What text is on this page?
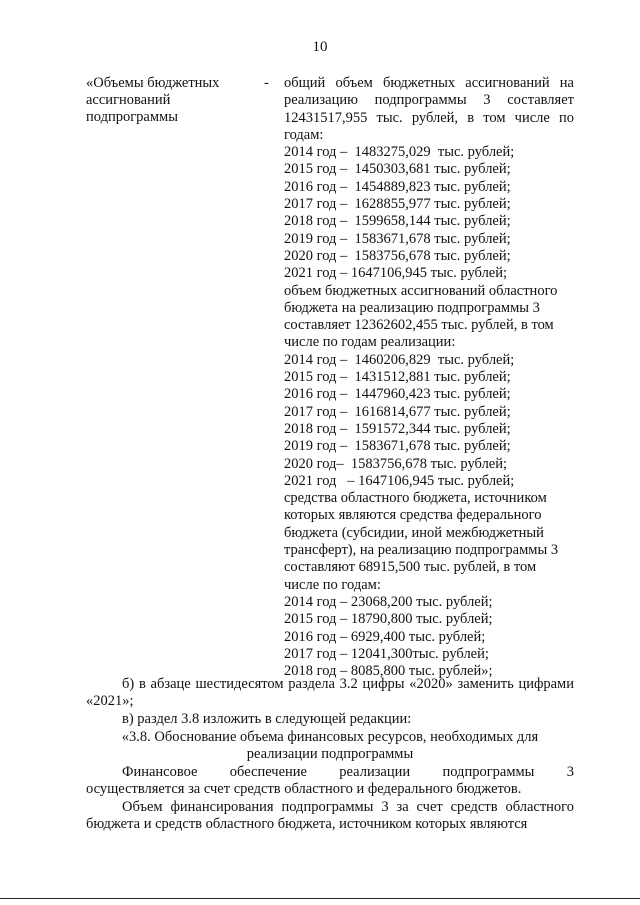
10
«Объемы бюджетных
ассигнований
подпрограммы
- общий объем бюджетных ассигнований на реализацию подпрограммы 3 составляет 12431517,955 тыс. рублей, в том числе по годам:
2014 год –  1483275,029  тыс. рублей;
2015 год –  1450303,681 тыс. рублей;
2016 год –  1454889,823 тыс. рублей;
2017 год –  1628855,977 тыс. рублей;
2018 год –  1599658,144 тыс. рублей;
2019 год –  1583671,678 тыс. рублей;
2020 год –  1583756,678 тыс. рублей;
2021 год – 1647106,945 тыс. рублей;
объем бюджетных ассигнований областного
бюджета на реализацию подпрограммы 3
составляет 12362602,455 тыс. рублей, в том
числе по годам реализации:
2014 год –  1460206,829  тыс. рублей;
2015 год –  1431512,881 тыс. рублей;
2016 год –  1447960,423 тыс. рублей;
2017 год –  1616814,677 тыс. рублей;
2018 год –  1591572,344 тыс. рублей;
2019 год –  1583671,678 тыс. рублей;
2020 год–  1583756,678 тыс. рублей;
2021 год   – 1647106,945 тыс. рублей;
средства областного бюджета, источником
которых являются средства федерального
бюджета (субсидии, иной межбюджетный
трансферт), на реализацию подпрограммы 3
составляют 68915,500 тыс. рублей, в том
числе по годам:
2014 год – 23068,200 тыс. рублей;
2015 год – 18790,800 тыс. рублей;
2016 год – 6929,400 тыс. рублей;
2017 год – 12041,300тыс. рублей;
2018 год – 8085,800 тыс. рублей»;
б) в абзаце шестидесятом раздела 3.2 цифры «2020» заменить цифрами «2021»;
в) раздел 3.8 изложить в следующей редакции:
«3.8. Обоснование объема финансовых ресурсов, необходимых для
реализации подпрограммы
Финансовое обеспечение реализации подпрограммы 3
осуществляется за счет средств областного и федерального бюджетов.
Объем финансирования подпрограммы 3 за счет средств областного бюджета и средств областного бюджета, источником которых являются
